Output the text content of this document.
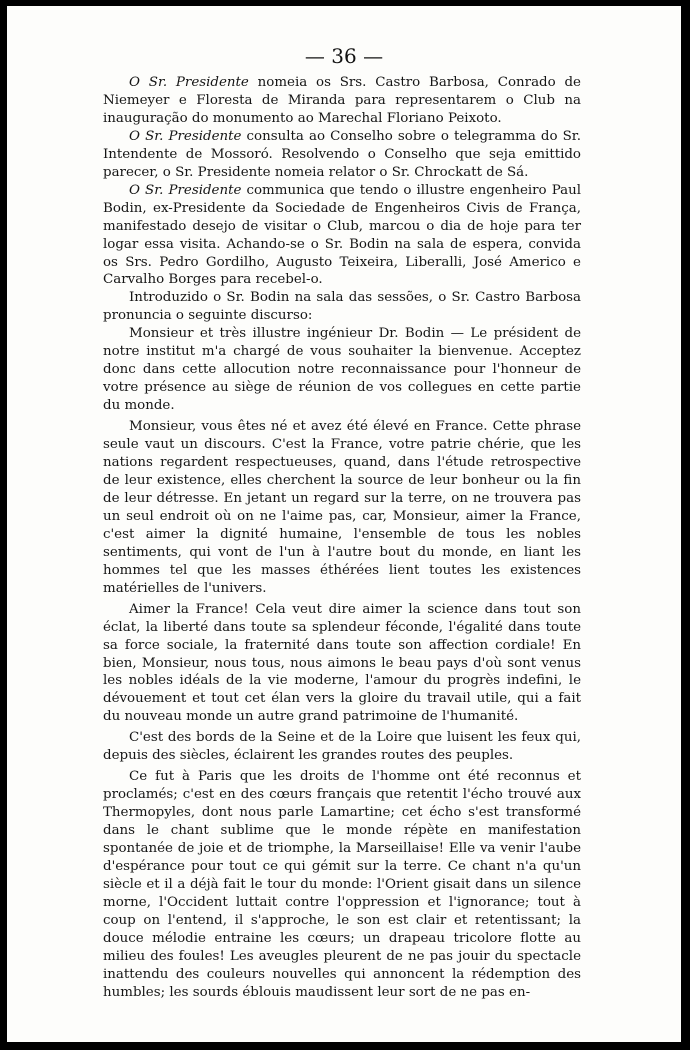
— 36 —

O Sr. Presidente nomeia os Srs. Castro Barbosa, Conrado de Niemeyer e Floresta de Miranda para representarem o Club na inauguração do monumento ao Marechal Floriano Peixoto.

O Sr. Presidente consulta ao Conselho sobre o telegramma do Sr. Intendente de Mossoró. Resolvendo o Conselho que seja emittido parecer, o Sr. Presidente nomeia relator o Sr. Chrockatt de Sá.

O Sr. Presidente communica que tendo o illustre engenheiro Paul Bodin, ex-Presidente da Sociedade de Engenheiros Civis de França, manifestado desejo de visitar o Club, marcou o dia de hoje para ter logar essa visita. Achando-se o Sr. Bodin na sala de espera, convida os Srs. Pedro Gordilho, Augusto Teixeira, Liberalli, José Americo e Carvalho Borges para recebel-o.

Introduzido o Sr. Bodin na sala das sessões, o Sr. Castro Barbosa pronuncia o seguinte discurso:

Monsieur et très illustre ingénieur Dr. Bodin — Le président de notre institut m'a chargé de vous souhaiter la bienvenue. Acceptez donc dans cette allocution notre reconnaissance pour l'honneur de votre présence au siège de réunion de vos collegues en cette partie du monde.

Monsieur, vous êtes né et avez été élevé en France. Cette phrase seule vaut un discours. C'est la France, votre patrie chérie, que les nations regardent respectueuses, quand, dans l'étude retrospective de leur existence, elles cherchent la source de leur bonheur ou la fin de leur détresse. En jetant un regard sur la terre, on ne trouvera pas un seul endroit où on ne l'aime pas, car, Monsieur, aimer la France, c'est aimer la dignité humaine, l'ensemble de tous les nobles sentiments, qui vont de l'un à l'autre bout du monde, en liant les hommes tel que les masses éthérées lient toutes les existences matérielles de l'univers.

Aimer la France! Cela veut dire aimer la science dans tout son éclat, la liberté dans toute sa splendeur féconde, l'égalité dans toute sa force sociale, la fraternité dans toute son affection cordiale! En bien, Monsieur, nous tous, nous aimons le beau pays d'où sont venus les nobles idéals de la vie moderne, l'amour du progrès indefini, le dévouement et tout cet élan vers la gloire du travail utile, qui a fait du nouveau monde un autre grand patrimoine de l'humanité.

C'est des bords de la Seine et de la Loire que luisent les feux qui, depuis des siècles, éclairent les grandes routes des peuples.

Ce fut à Paris que les droits de l'homme ont été reconnus et proclamés; c'est en des cœurs français que retentit l'écho trouvé aux Thermopyles, dont nous parle Lamartine; cet écho s'est transformé dans le chant sublime que le monde répète en manifestation spontanée de joie et de triomphe, la Marseillaise! Elle va venir l'aube d'espérance pour tout ce qui gémit sur la terre. Ce chant n'a qu'un siècle et il a déjà fait le tour du monde: l'Orient gisait dans un silence morne, l'Occident luttait contre l'oppression et l'ignorance; tout à coup on l'entend, il s'approche, le son est clair et retentissant; la douce mélodie entraine les cœurs; un drapeau tricolore flotte au milieu des foules! Les aveugles pleurent de ne pas jouir du spectacle inattendu des couleurs nouvelles qui annoncent la rédemption des humbles; les sourds éblouis maudissent leur sort de ne pas en-
